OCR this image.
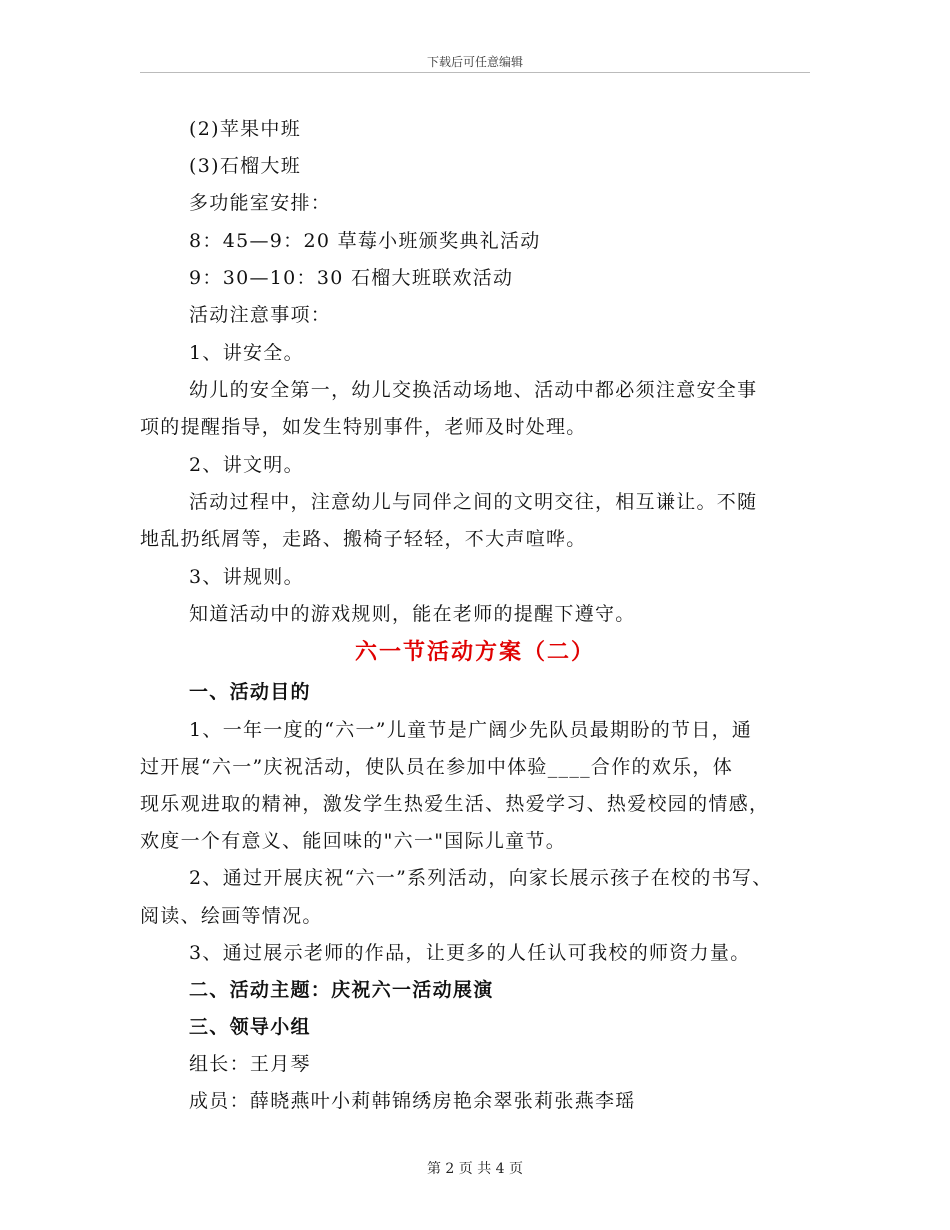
下载后可任意编辑
(2)苹果中班
(3)石榴大班
多功能室安排：
8：45—9：20 草莓小班颁奖典礼活动
9：30—10：30 石榴大班联欢活动
活动注意事项：
1、讲安全。
幼儿的安全第一，幼儿交换活动场地、活动中都必须注意安全事
项的提醒指导，如发生特别事件，老师及时处理。
2、讲文明。
活动过程中，注意幼儿与同伴之间的文明交往，相互谦让。不随
地乱扔纸屑等，走路、搬椅子轻轻，不大声喧哗。
3、讲规则。
知道活动中的游戏规则，能在老师的提醒下遵守。
六一节活动方案（二）
一、活动目的
1、一年一度的“六一”儿童节是广阔少先队员最期盼的节日，通
过开展“六一”庆祝活动，使队员在参加中体验____合作的欢乐，体
现乐观进取的精神，激发学生热爱生活、热爱学习、热爱校园的情感，
欢度一个有意义、能回味的"六一"国际儿童节。
2、通过开展庆祝“六一”系列活动，向家长展示孩子在校的书写、
阅读、绘画等情况。
3、通过展示老师的作品，让更多的人任认可我校的师资力量。
二、活动主题：庆祝六一活动展演
三、领导小组
组长：王月琴
成员：薛晓燕叶小莉韩锦绣房艳余翠张莉张燕李瑶
第 2 页 共 4 页
